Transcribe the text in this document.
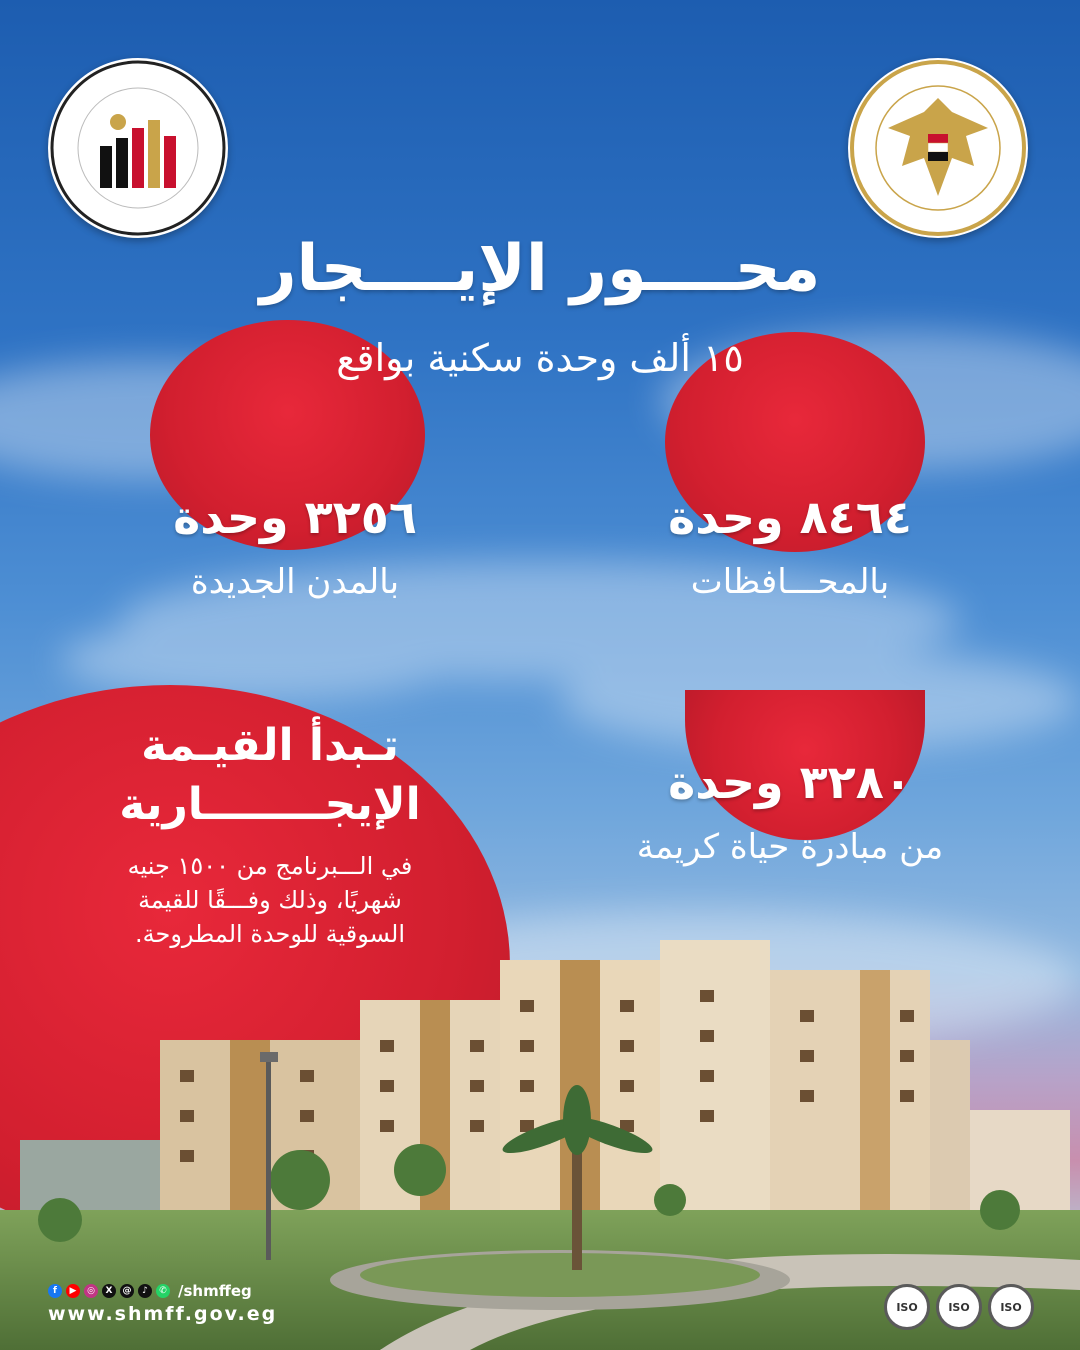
محــــور الإيــــجار
١٥ ألف وحدة سكنية بواقع
٨٤٦٤ وحدة
بالمحـــافظات
٣٢٥٦ وحدة
بالمدن الجديدة
٣٢٨٠ وحدة
من مبادرة حياة كريمة
تـبدأ القيـمة
الإيجــــــــارية
في الـــبرنامج من ١٥٠٠ جنيه
شهريًا، وذلك وفـــقًا للقيمة
السوقية للوحدة المطروحة.
f	▶	◎	X	@	♪	✆ /shmffeg
www.shmff.gov.eg	ISO	ISO	ISO
